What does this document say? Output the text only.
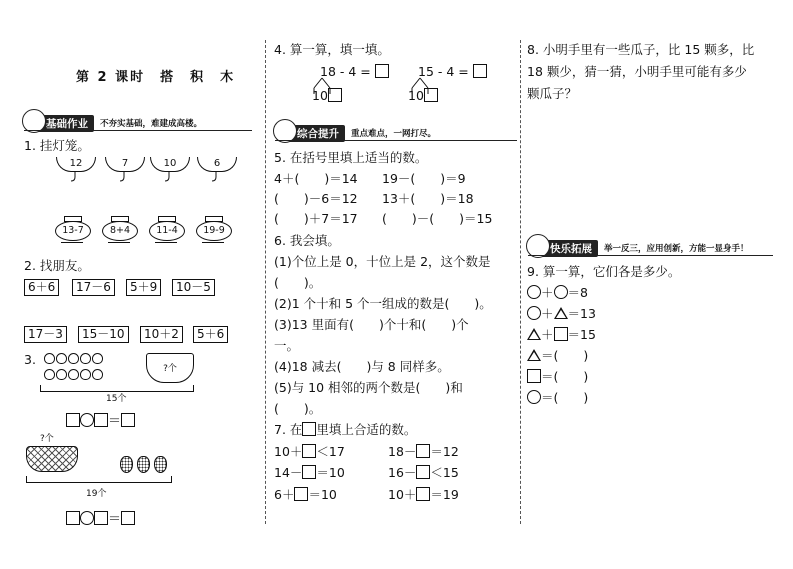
第 2 课时　搭　积　木
☺ 基础作业	不夯实基础，难建成高楼。
1. 挂灯笼。
12	7	10	6
13-7	8+4	11-4	19-9
2. 找朋友。
6＋6	17－6	5＋9	10－5
17－3	15－10	10＋2	5＋6
3.
?个
15个
＝
?个
19个
＝
4. 算一算，填一填。
18 - 4 =	15 - 4 =
10	10
☺ 综合提升	重点难点，一网打尽。
5. 在括号里填上适当的数。
4＋(　　)＝14 19－(　　)＝9
(　　)－6＝12 13＋(　　)＝18
(　　)＋7＝17 (　　)－(　　)＝15
6. 我会填。
(1)个位上是 0，十位上是 2，这个数是
(　　)。
(2)1 个十和 5 个一组成的数是(　　)。
(3)13 里面有(　　)个十和(　　)个
一。
(4)18 减去(　　)与 8 同样多。
(5)与 10 相邻的两个数是(　　)和
(　　)。
7. 在 里填上合适的数。
10＋ ＜17	18－ ＝12
14－ ＝10	16－ ＜15
6＋ ＝10	10＋ ＝19
8. 小明手里有一些瓜子，比 15 颗多，比
18 颗少，猜一猜，小明手里可能有多少
颗瓜子？
☺ 快乐拓展	举一反三，应用创新，方能一显身手！
9. 算一算，它们各是多少。
＋ ＝8
＋ ＝13
＋ ＝15
＝(　　)
＝(　　)
＝(　　)
